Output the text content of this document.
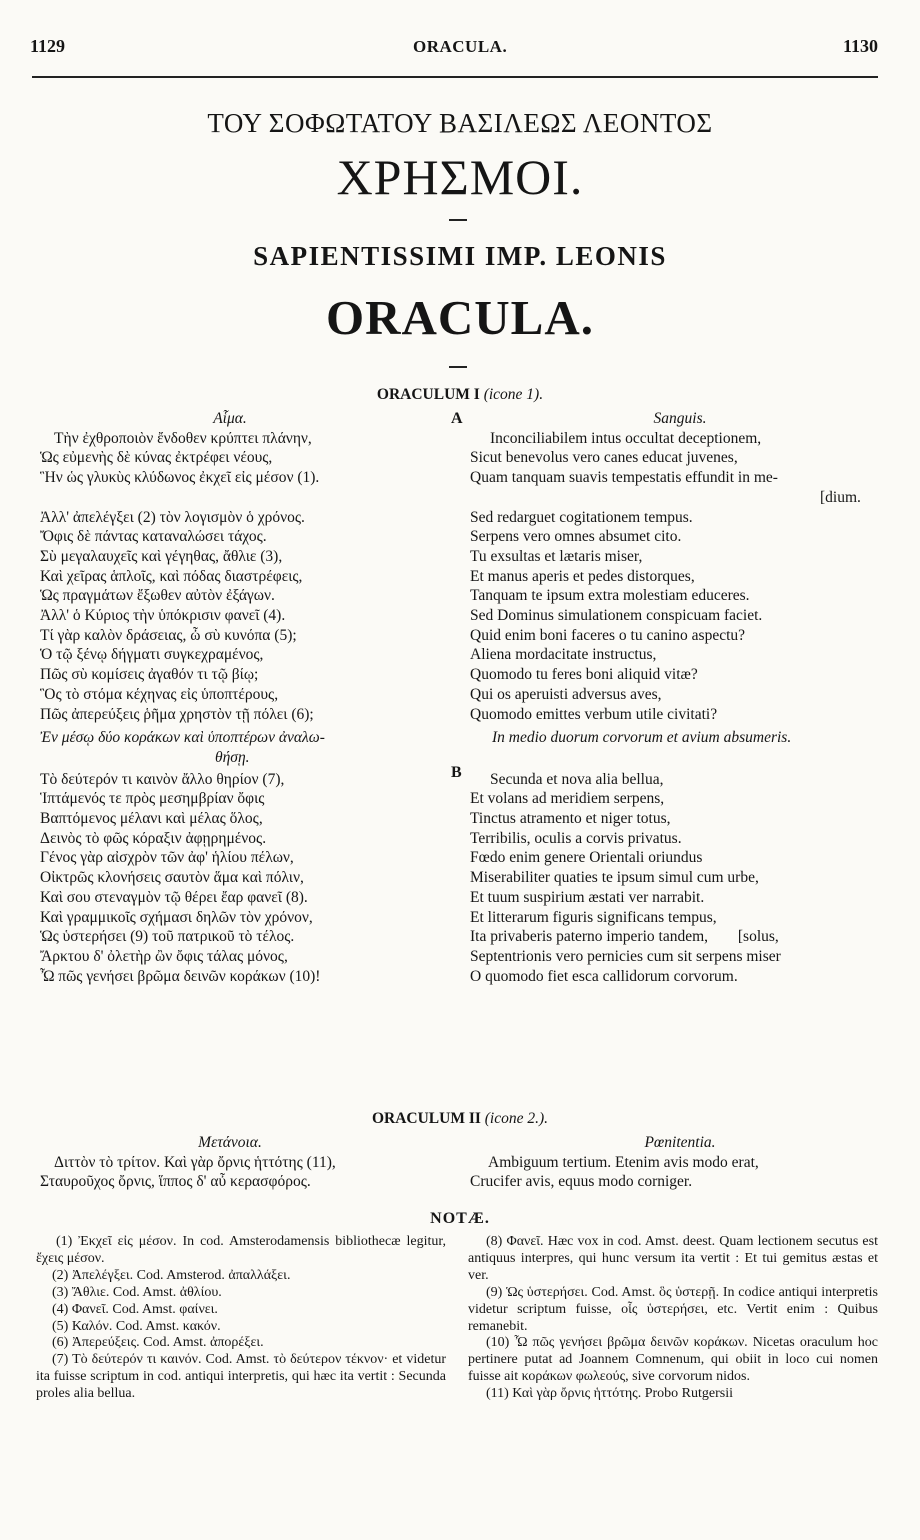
1129	ORACULA.	1130
ΤΟΥ ΣΟΦΩΤΑΤΟΥ ΒΑΣΙΛΕΩΣ ΛΕΟΝΤΟΣ
ΧΡΗΣΜΟΙ.
SAPIENTISSIMI IMP. LEONIS
ORACULA.
ORACULUM I (icone 1).
A
B
Αἷμα.
Τὴν ἐχθροποιὸν ἔνδοθεν κρύπτει πλάνην,
Ὡς εὐμενὴς δὲ κύνας ἐκτρέφει νέους,
Ἣν ὡς γλυκὺς κλύδωνος ἐκχεῖ εἰς μέσον (1).
Ἀλλ' ἀπελέγξει (2) τὸν λογισμὸν ὁ χρόνος.
Ὄφις δὲ πάντας καταναλώσει τάχος.
Σὺ μεγαλαυχεῖς καὶ γέγηθας, ἄθλιε (3),
Καὶ χεῖρας ἁπλοῖς, καὶ πόδας διαστρέφεις,
Ὡς πραγμάτων ἔξωθεν αὐτὸν ἐξάγων.
Ἀλλ' ὁ Κύριος τὴν ὑπόκρισιν φανεῖ (4).
Τί γὰρ καλὸν δράσειας, ὦ σὺ κυνόπα (5);
Ὁ τῷ ξένῳ δήγματι συγκεχραμένος,
Πῶς σὺ κομίσεις ἀγαθόν τι τῷ βίῳ;
Ὃς τὸ στόμα κέχηνας εἰς ὑποπτέρους,
Πῶς ἀπερεύξεις ῥῆμα χρηστὸν τῇ πόλει (6);
Ἐν μέσῳ δύο κοράκων καὶ ὑποπτέρων ἀναλω-
θήσῃ.
Τὸ δεύτερόν τι καινὸν ἄλλο θηρίον (7),
Ἱπτάμενός τε πρὸς μεσημβρίαν ὄφις
Βαπτόμενος μέλανι καὶ μέλας ὅλος,
Δεινὸς τὸ φῶς κόραξιν ἀφῃρημένος.
Γένος γὰρ αἰσχρὸν τῶν ἀφ' ἡλίου πέλων,
Οἰκτρῶς κλονήσεις σαυτὸν ἅμα καὶ πόλιν,
Καὶ σου στεναγμὸν τῷ θέρει ἔαρ φανεῖ (8).
Καὶ γραμμικοῖς σχήμασι δηλῶν τὸν χρόνον,
Ὡς ὑστερήσει (9) τοῦ πατρικοῦ τὸ τέλος.
Ἄρκτου δ' ὀλετὴρ ὢν ὄφις τάλας μόνος,
Ὦ πῶς γενήσει βρῶμα δεινῶν κοράκων (10)!
Sanguis.
Inconciliabilem intus occultat deceptionem,
Sicut benevolus vero canes educat juvenes,
Quam tanquam suavis tempestatis effundit in me-
[dium.
Sed redarguet cogitationem tempus.
Serpens vero omnes absumet cito.
Tu exsultas et lætaris miser,
Et manus aperis et pedes distorques,
Tanquam te ipsum extra molestiam educeres.
Sed Dominus simulationem conspicuam faciet.
Quid enim boni faceres o tu canino aspectu?
Aliena mordacitate instructus,
Quomodo tu feres boni aliquid vitæ?
Qui os aperuisti adversus aves,
Quomodo emittes verbum utile civitati?
In medio duorum corvorum et avium absumeris.
Secunda et nova alia bellua,
Et volans ad meridiem serpens,
Tinctus atramento et niger totus,
Terribilis, oculis a corvis privatus.
Fœdo enim genere Orientali oriundus
Miserabiliter quaties te ipsum simul cum urbe,
Et tuum suspirium æstati ver narrabit.
Et litterarum figuris significans tempus,
Ita privaberis paterno imperio tandem, [solus,
Septentrionis vero pernicies cum sit serpens miser
O quomodo fiet esca callidorum corvorum.
ORACULUM II (icone 2.).
Μετάνοια.
Διττὸν τὸ τρίτον. Καὶ γὰρ ὄρνις ἡττότης (11),
Σταυροῦχος ὄρνις, ἵππος δ' αὖ κερασφόρος.
Pœnitentia.
Ambiguum tertium. Etenim avis modo erat,
Crucifer avis, equus modo corniger.
NOTÆ.
(1) Ἐκχεῖ εἰς μέσον. In cod. Amsterodamensis bibliothecæ legitur, ἔχεις μέσον.
(2) Ἀπελέγξει. Cod. Amsterod. ἀπαλλάξει.
(3) Ἄθλιε. Cod. Amst. ἀθλίου.
(4) Φανεῖ. Cod. Amst. φαίνει.
(5) Καλόν. Cod. Amst. κακόν.
(6) Ἀπερεύξεις. Cod. Amst. ἀπορέξει.
(7) Τὸ δεύτερόν τι καινόν. Cod. Amst. τὸ δεύτερον τέκνον· et videtur ita fuisse scriptum in cod. antiqui interpretis, qui hæc ita vertit : Secunda proles alia bellua.
(8) Φανεῖ. Hæc vox in cod. Amst. deest. Quam lectionem secutus est antiquus interpres, qui hunc versum ita vertit : Et tui gemitus æstas et ver.
(9) Ὡς ὑστερήσει. Cod. Amst. ὃς ὑστερῇ. In codice antiqui interpretis videtur scriptum fuisse, οἷς ὑστερήσει, etc. Vertit enim : Quibus remanebit.
(10) Ὦ πῶς γενήσει βρῶμα δεινῶν κοράκων. Nicetas oraculum hoc pertinere putat ad Joannem Comnenum, qui obiit in loco cui nomen fuisse ait κοράκων φωλεούς, sive corvorum nidos.
(11) Καὶ γὰρ ὄρνις ἡττότης. Probo Rutgersii
